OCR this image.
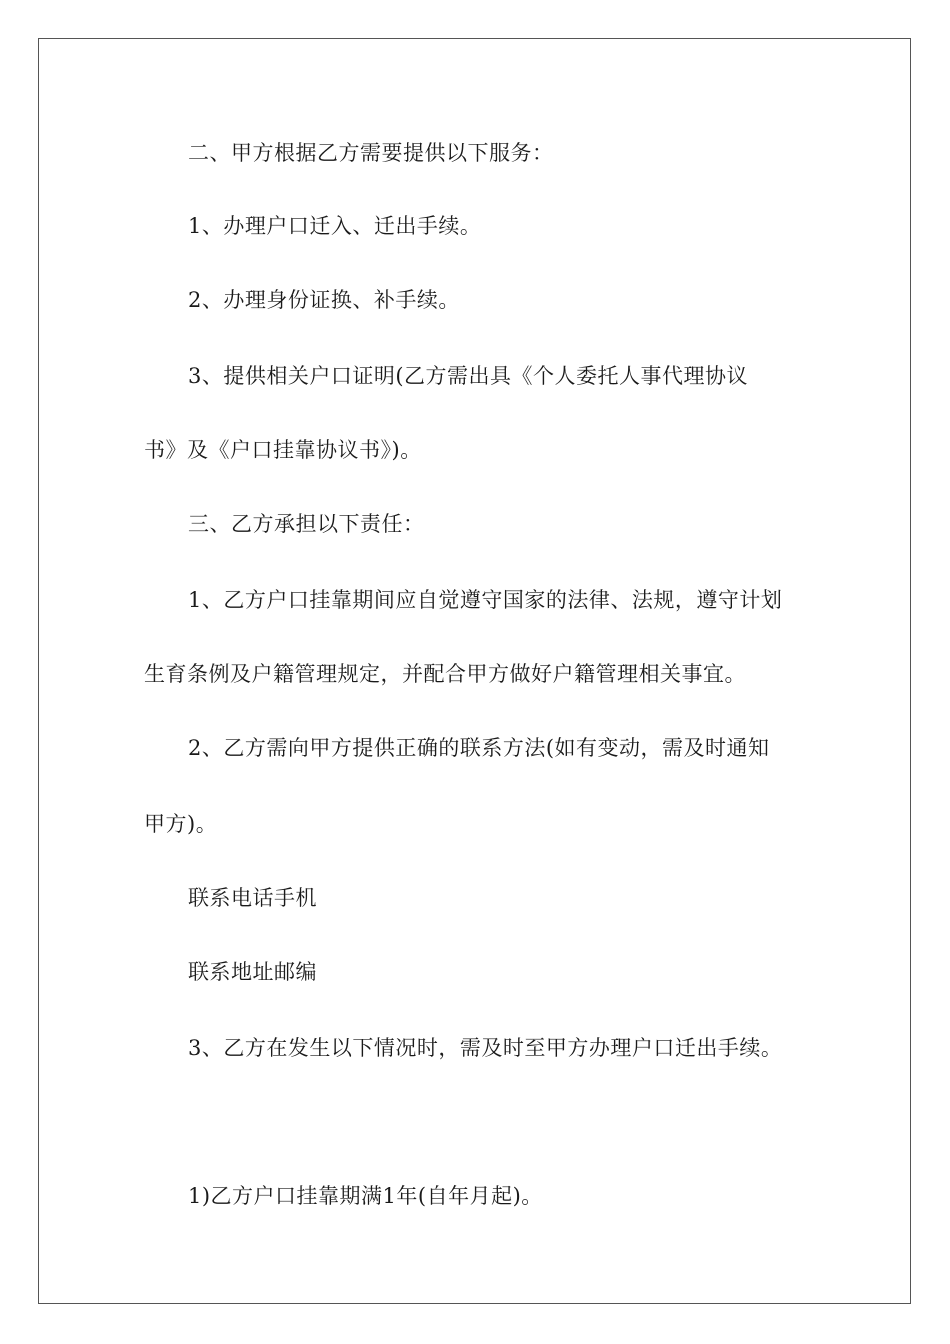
二、甲方根据乙方需要提供以下服务：
1、办理户口迁入、迁出手续。
2、办理身份证换、补手续。
3、提供相关户口证明(乙方需出具《个人委托人事代理协议
书》及《户口挂靠协议书》)。
三、乙方承担以下责任：
1、乙方户口挂靠期间应自觉遵守国家的法律、法规，遵守计划
生育条例及户籍管理规定，并配合甲方做好户籍管理相关事宜。
2、乙方需向甲方提供正确的联系方法(如有变动，需及时通知
甲方)。
联系电话手机
联系地址邮编
3、乙方在发生以下情况时，需及时至甲方办理户口迁出手续。
1)乙方户口挂靠期满1年(自年月起)。
